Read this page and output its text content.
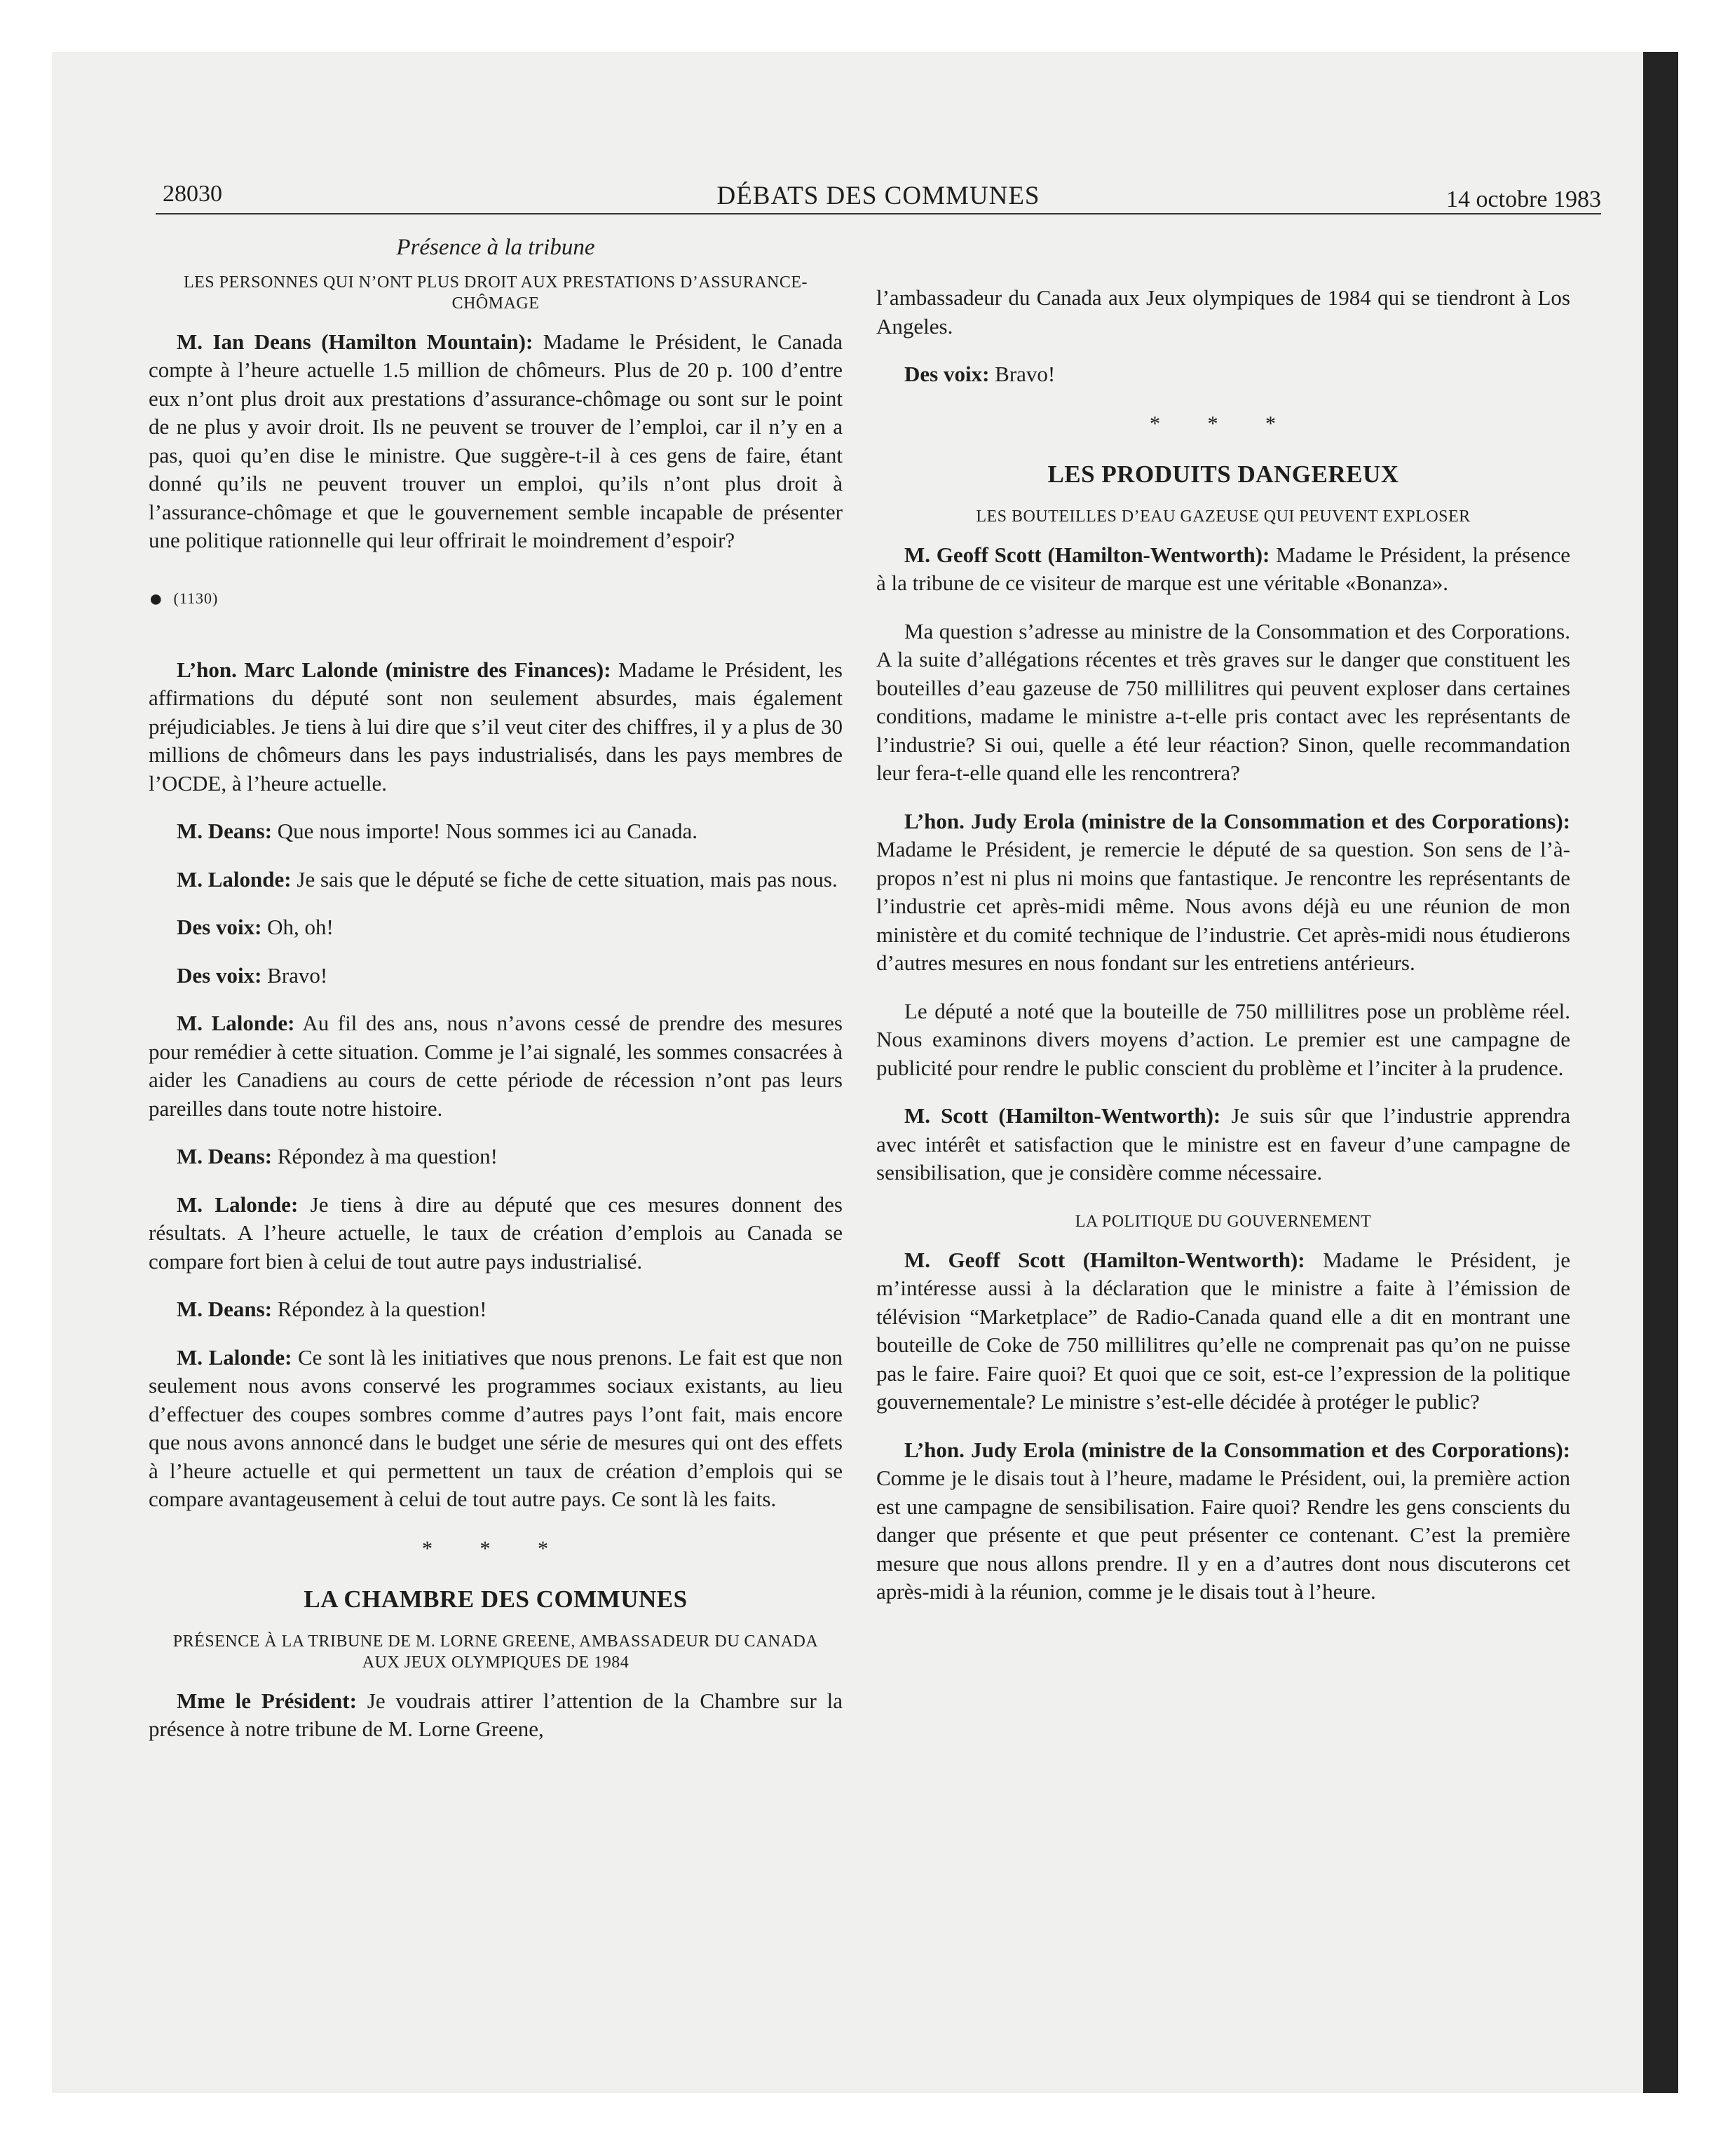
28030	DÉBATS DES COMMUNES	14 octobre 1983
Présence à la tribune
LES PERSONNES QUI N’ONT PLUS DROIT AUX PRESTATIONS D’ASSURANCE-CHÔMAGE

M. Ian Deans (Hamilton Mountain): Madame le Président, le Canada compte à l’heure actuelle 1.5 million de chômeurs. Plus de 20 p. 100 d’entre eux n’ont plus droit aux prestations d’assurance-chômage ou sont sur le point de ne plus y avoir droit. Ils ne peuvent se trouver de l’emploi, car il n’y en a pas, quoi qu’en dise le ministre. Que suggère-t-il à ces gens de faire, étant donné qu’ils ne peuvent trouver un emploi, qu’ils n’ont plus droit à l’assurance-chômage et que le gouvernement semble incapable de présenter une politique rationnelle qui leur offrirait le moindrement d’espoir?

● (1130)

L’hon. Marc Lalonde (ministre des Finances): Madame le Président, les affirmations du député sont non seulement absurdes, mais également préjudiciables. Je tiens à lui dire que s’il veut citer des chiffres, il y a plus de 30 millions de chômeurs dans les pays industrialisés, dans les pays membres de l’OCDE, à l’heure actuelle.

M. Deans: Que nous importe! Nous sommes ici au Canada.

M. Lalonde: Je sais que le député se fiche de cette situation, mais pas nous.

Des voix: Oh, oh!

Des voix: Bravo!

M. Lalonde: Au fil des ans, nous n’avons cessé de prendre des mesures pour remédier à cette situation. Comme je l’ai signalé, les sommes consacrées à aider les Canadiens au cours de cette période de récession n’ont pas leurs pareilles dans toute notre histoire.

M. Deans: Répondez à ma question!

M. Lalonde: Je tiens à dire au député que ces mesures donnent des résultats. A l’heure actuelle, le taux de création d’emplois au Canada se compare fort bien à celui de tout autre pays industrialisé.

M. Deans: Répondez à la question!

M. Lalonde: Ce sont là les initiatives que nous prenons. Le fait est que non seulement nous avons conservé les programmes sociaux existants, au lieu d’effectuer des coupes sombres comme d’autres pays l’ont fait, mais encore que nous avons annoncé dans le budget une série de mesures qui ont des effets à l’heure actuelle et qui permettent un taux de création d’emplois qui se compare avantageusement à celui de tout autre pays. Ce sont là les faits.

* * *
LA CHAMBRE DES COMMUNES
PRÉSENCE À LA TRIBUNE DE M. LORNE GREENE, AMBASSADEUR DU CANADA AUX JEUX OLYMPIQUES DE 1984

Mme le Président: Je voudrais attirer l’attention de la Chambre sur la présence à notre tribune de M. Lorne Greene,

l’ambassadeur du Canada aux Jeux olympiques de 1984 qui se tiendront à Los Angeles.

Des voix: Bravo!

* * *
LES PRODUITS DANGEREUX
LES BOUTEILLES D’EAU GAZEUSE QUI PEUVENT EXPLOSER

M. Geoff Scott (Hamilton-Wentworth): Madame le Président, la présence à la tribune de ce visiteur de marque est une véritable «Bonanza».

Ma question s’adresse au ministre de la Consommation et des Corporations. A la suite d’allégations récentes et très graves sur le danger que constituent les bouteilles d’eau gazeuse de 750 millilitres qui peuvent exploser dans certaines conditions, madame le ministre a-t-elle pris contact avec les représentants de l’industrie? Si oui, quelle a été leur réaction? Sinon, quelle recommandation leur fera-t-elle quand elle les rencontrera?

L’hon. Judy Erola (ministre de la Consommation et des Corporations): Madame le Président, je remercie le député de sa question. Son sens de l’à-propos n’est ni plus ni moins que fantastique. Je rencontre les représentants de l’industrie cet après-midi même. Nous avons déjà eu une réunion de mon ministère et du comité technique de l’industrie. Cet après-midi nous étudierons d’autres mesures en nous fondant sur les entretiens antérieurs.

Le député a noté que la bouteille de 750 millilitres pose un problème réel. Nous examinons divers moyens d’action. Le premier est une campagne de publicité pour rendre le public conscient du problème et l’inciter à la prudence.

M. Scott (Hamilton-Wentworth): Je suis sûr que l’industrie apprendra avec intérêt et satisfaction que le ministre est en faveur d’une campagne de sensibilisation, que je considère comme nécessaire.

LA POLITIQUE DU GOUVERNEMENT

M. Geoff Scott (Hamilton-Wentworth): Madame le Président, je m’intéresse aussi à la déclaration que le ministre a faite à l’émission de télévision “Marketplace” de Radio-Canada quand elle a dit en montrant une bouteille de Coke de 750 millilitres qu’elle ne comprenait pas qu’on ne puisse pas le faire. Faire quoi? Et quoi que ce soit, est-ce l’expression de la politique gouvernementale? Le ministre s’est-elle décidée à protéger le public?

L’hon. Judy Erola (ministre de la Consommation et des Corporations): Comme je le disais tout à l’heure, madame le Président, oui, la première action est une campagne de sensibilisation. Faire quoi? Rendre les gens conscients du danger que présente et que peut présenter ce contenant. C’est la première mesure que nous allons prendre. Il y en a d’autres dont nous discuterons cet après-midi à la réunion, comme je le disais tout à l’heure.
